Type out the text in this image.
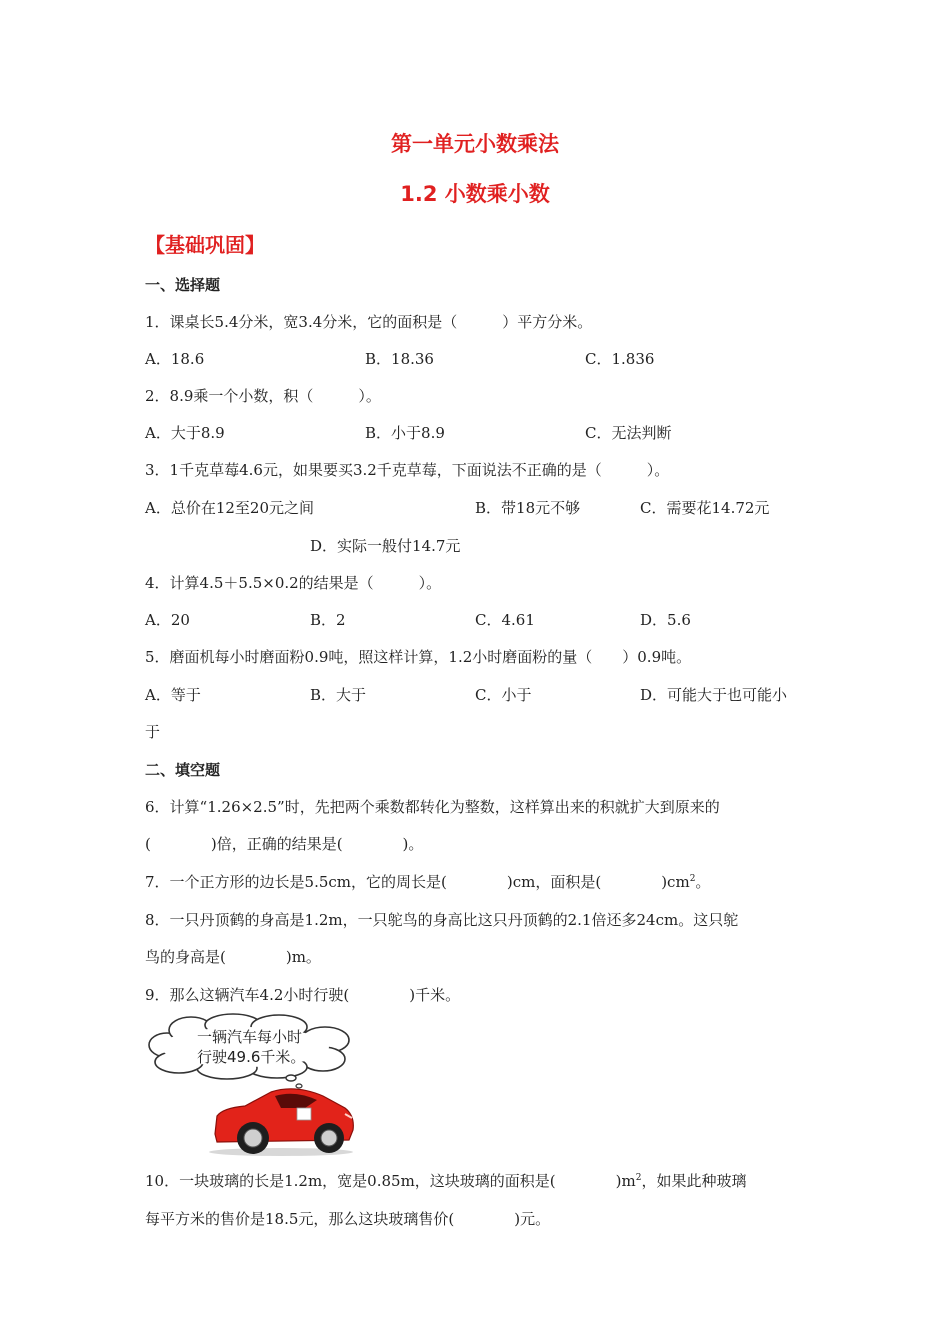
第一单元小数乘法
1.2 小数乘小数
【基础巩固】
一、选择题
1．课桌长5.4分米，宽3.4分米，它的面积是（　　　）平方分米。
A．18.6	B．18.36	C．1.836
2．8.9乘一个小数，积（　　　）。
A．大于8.9	B．小于8.9	C．无法判断
3．1千克草莓4.6元，如果要买3.2千克草莓，下面说法不正确的是（　　　）。
A．总价在12至20元之间	B．带18元不够	C．需要花14.72元
D．实际一般付14.7元
4．计算4.5＋5.5×0.2的结果是（　　　）。
A．20	B．2	C．4.61	D．5.6
5．磨面机每小时磨面粉0.9吨，照这样计算，1.2小时磨面粉的量（　　）0.9吨。
A．等于	B．大于	C．小于	D．可能大于也可能小
于
二、填空题
6．计算“1.26×2.5”时，先把两个乘数都转化为整数，这样算出来的积就扩大到原来的
(　　　　)倍，正确的结果是(　　　　)。
7．一个正方形的边长是5.5cm，它的周长是(　　　　)cm，面积是(　　　　)$cm^2$。
8．一只丹顶鹤的身高是1.2m，一只鸵鸟的身高比这只丹顶鹤的2.1倍还多24cm。这只鸵
鸟的身高是(　　　　)m。
9．那么这辆汽车4.2小时行驶(　　　　)千米。
一辆汽车每小时
行驶49.6千米。
10．一块玻璃的长是1.2m，宽是0.85m，这块玻璃的面积是(　　　　)$m^2$，如果此种玻璃
每平方米的售价是18.5元，那么这块玻璃售价(　　　　)元。
